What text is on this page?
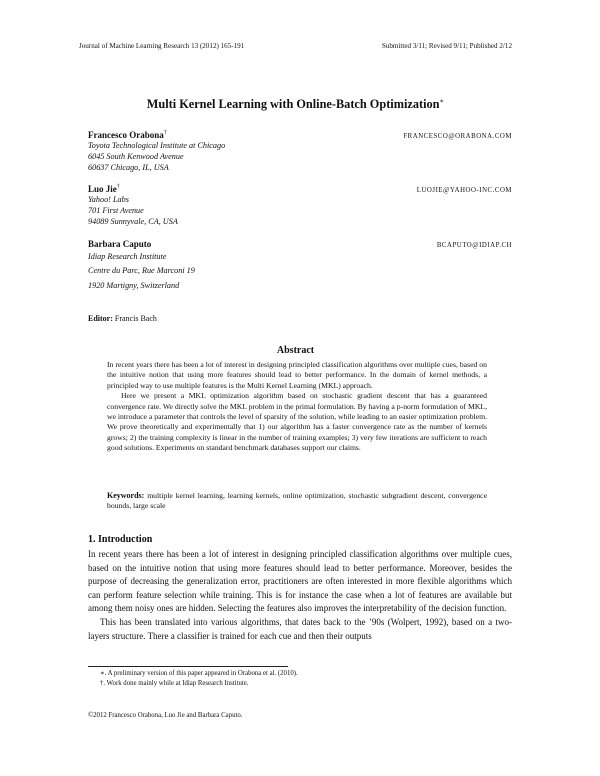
Journal of Machine Learning Research 13 (2012) 165-191	Submitted 3/11; Revised 9/11; Published 2/12
Multi Kernel Learning with Online-Batch Optimization∗
Francesco Orabona†	FRANCESCO@ORABONA.COM
Toyota Technological Institute at Chicago
6045 South Kenwood Avenue
60637 Chicago, IL, USA
Luo Jie†	LUOJIE@YAHOO-INC.COM
Yahoo! Labs
701 First Avenue
94089 Sunnyvale, CA, USA
Barbara Caputo	BCAPUTO@IDIAP.CH
Idiap Research Institute
Centre du Parc, Rue Marconi 19
1920 Martigny, Switzerland
Editor: Francis Bach
Abstract

In recent years there has been a lot of interest in designing principled classification algorithms over multiple cues, based on the intuitive notion that using more features should lead to better performance. In the domain of kernel methods, a principled way to use multiple features is the Multi Kernel Learning (MKL) approach.

Here we present a MKL optimization algorithm based on stochastic gradient descent that has a guaranteed convergence rate. We directly solve the MKL problem in the primal formulation. By having a p-norm formulation of MKL, we introduce a parameter that controls the level of sparsity of the solution, while leading to an easier optimization problem. We prove theoretically and experimentally that 1) our algorithm has a faster convergence rate as the number of kernels grows; 2) the training complexity is linear in the number of training examples; 3) very few iterations are sufficient to reach good solutions. Experiments on standard benchmark databases support our claims.

Keywords: multiple kernel learning, learning kernels, online optimization, stochastic subgradient descent, convergence bounds, large scale
1. Introduction

In recent years there has been a lot of interest in designing principled classification algorithms over multiple cues, based on the intuitive notion that using more features should lead to better performance. Moreover, besides the purpose of decreasing the generalization error, practitioners are often interested in more flexible algorithms which can perform feature selection while training. This is for instance the case when a lot of features are available but among them noisy ones are hidden. Selecting the features also improves the interpretability of the decision function.

This has been translated into various algorithms, that dates back to the ’90s (Wolpert, 1992), based on a two-layers structure. There a classifier is trained for each cue and then their outputs

∗. A preliminary version of this paper appeared in Orabona et al. (2010).
†. Work done mainly while at Idiap Research Institute.
©2012 Francesco Orabona, Luo Jie and Barbara Caputo.
